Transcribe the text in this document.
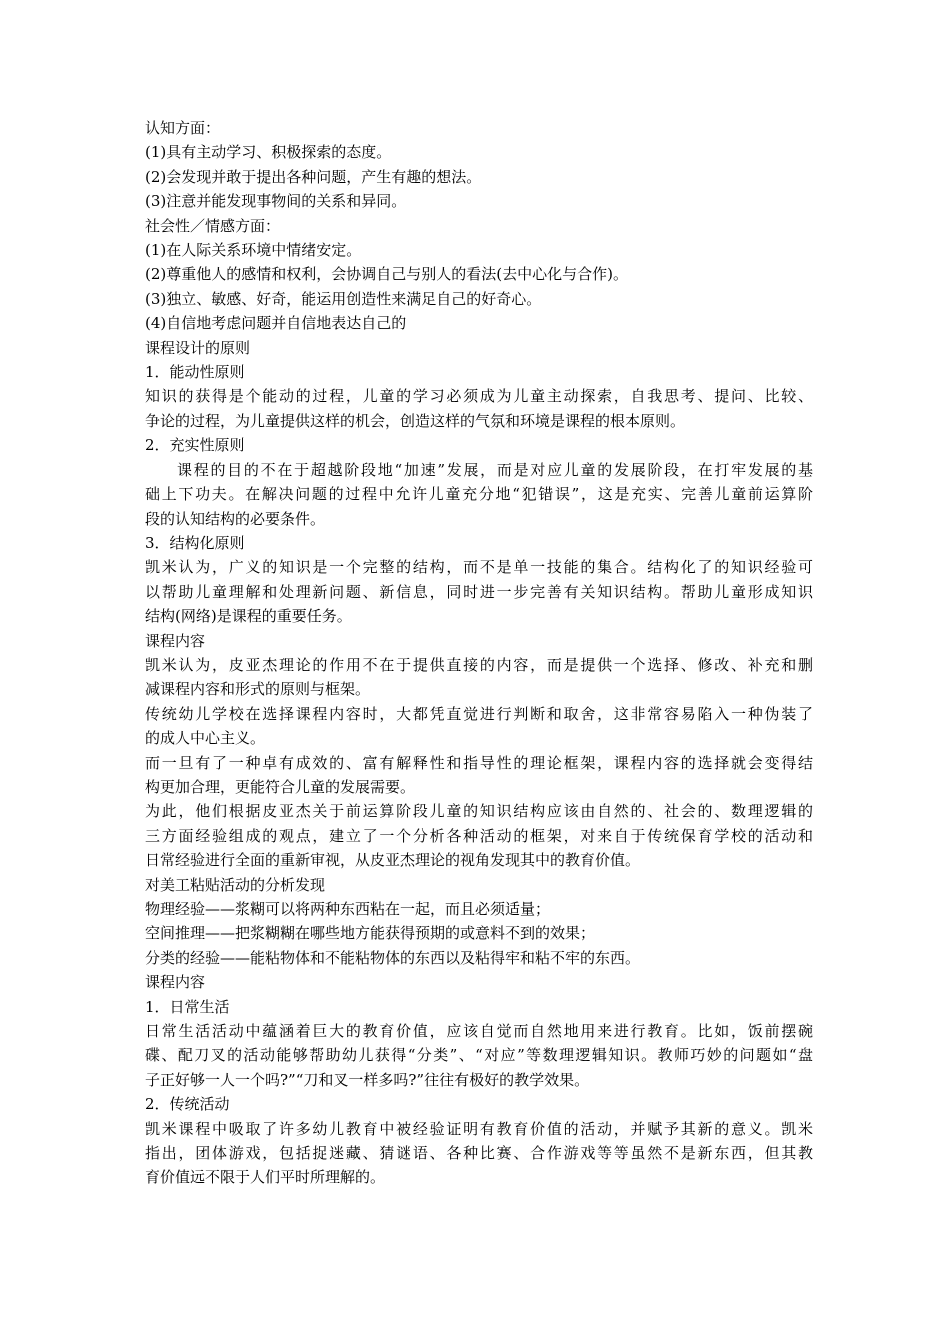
认知方面：
(1)具有主动学习、积极探索的态度。
(2)会发现并敢于提出各种问题，产生有趣的想法。
(3)注意并能发现事物间的关系和异同。
社会性／情感方面：
(1)在人际关系环境中情绪安定。
(2)尊重他人的感情和权利，会协调自己与别人的看法(去中心化与合作)。
(3)独立、敏感、好奇，能运用创造性来满足自己的好奇心。
(4)自信地考虑问题并自信地表达自己的
课程设计的原则
1．能动性原则
知识的获得是个能动的过程，儿童的学习必须成为儿童主动探索，自我思考、提问、比较、
争论的过程，为儿童提供这样的机会，创造这样的气氛和环境是课程的根本原则。
2．充实性原则
课程的目的不在于超越阶段地“加速”发展，而是对应儿童的发展阶段，在打牢发展的基
础上下功夫。在解决问题的过程中允许儿童充分地“犯错误”，这是充实、完善儿童前运算阶
段的认知结构的必要条件。
3．结构化原则
凯米认为，广义的知识是一个完整的结构，而不是单一技能的集合。结构化了的知识经验可
以帮助儿童理解和处理新问题、新信息，同时进一步完善有关知识结构。帮助儿童形成知识
结构(网络)是课程的重要任务。
课程内容
凯米认为，皮亚杰理论的作用不在于提供直接的内容，而是提供一个选择、修改、补充和删
减课程内容和形式的原则与框架。
传统幼儿学校在选择课程内容时，大都凭直觉进行判断和取舍，这非常容易陷入一种伪装了
的成人中心主义。
而一旦有了一种卓有成效的、富有解释性和指导性的理论框架，课程内容的选择就会变得结
构更加合理，更能符合儿童的发展需要。
为此，他们根据皮亚杰关于前运算阶段儿童的知识结构应该由自然的、社会的、数理逻辑的
三方面经验组成的观点，建立了一个分析各种活动的框架，对来自于传统保育学校的活动和
日常经验进行全面的重新审视，从皮亚杰理论的视角发现其中的教育价值。
对美工粘贴活动的分析发现
物理经验——浆糊可以将两种东西粘在一起，而且必须适量；
空间推理——把浆糊糊在哪些地方能获得预期的或意料不到的效果；
分类的经验——能粘物体和不能粘物体的东西以及粘得牢和粘不牢的东西。
课程内容
1．日常生活
日常生活活动中蕴涵着巨大的教育价值，应该自觉而自然地用来进行教育。比如，饭前摆碗
碟、配刀叉的活动能够帮助幼儿获得“分类”、“对应”等数理逻辑知识。教师巧妙的问题如“盘
子正好够一人一个吗?”“刀和叉一样多吗?”往往有极好的教学效果。
2．传统活动
凯米课程中吸取了许多幼儿教育中被经验证明有教育价值的活动，并赋予其新的意义。凯米
指出，团体游戏，包括捉迷藏、猜谜语、各种比赛、合作游戏等等虽然不是新东西，但其教
育价值远不限于人们平时所理解的。
